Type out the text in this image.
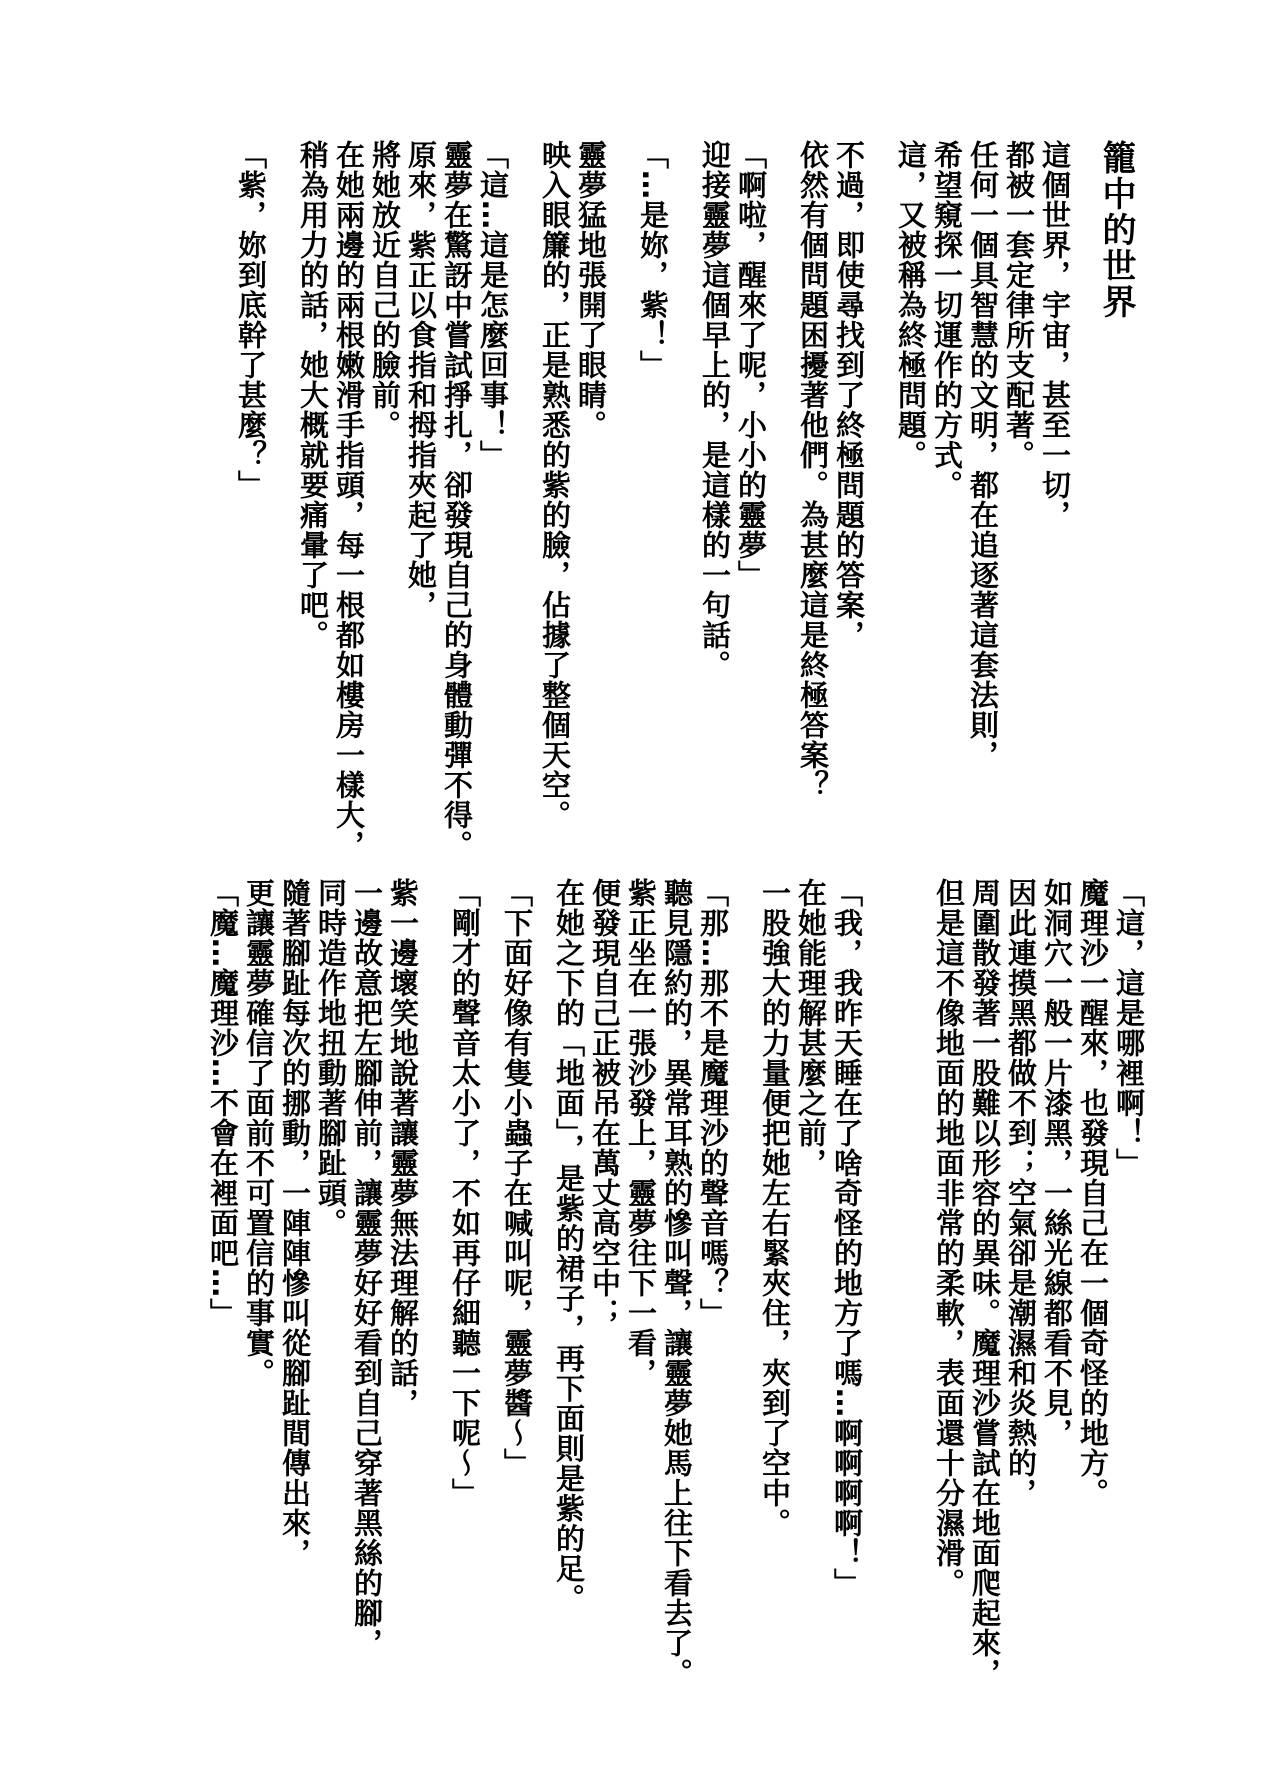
籠中的世界
這個世界，宇宙，甚至一切，
都被一套定律所支配著。
任何一個具智慧的文明，都在追逐著這套法則，
希望窺探一切運作的方式。
這，又被稱為終極問題。
不過，即使尋找到了終極問題的答案，
依然有個問題困擾著他們。為甚麼這是終極答案？
「啊啦，醒來了呢，小小的靈夢」
迎接靈夢這個早上的，是這樣的一句話。
「…是妳，紫！」
靈夢猛地張開了眼睛。
映入眼簾的，正是熟悉的紫的臉，佔據了整個天空。
「這…這是怎麼回事！」
靈夢在驚訝中嘗試掙扎，卻發現自己的身體動彈不得。
原來，紫正以食指和拇指夾起了她，
將她放近自己的臉前。
在她兩邊的兩根嫩滑手指頭，每一根都如樓房一樣大，
稍為用力的話，她大概就要痛暈了吧。
「紫，妳到底幹了甚麼？」
「這，這是哪裡啊！」
魔理沙一醒來，也發現自己在一個奇怪的地方。
如洞穴一般一片漆黑，一絲光線都看不見，
因此連摸黑都做不到；空氣卻是潮濕和炎熱的，
周圍散發著一股難以形容的異味。魔理沙嘗試在地面爬起來，
但是這不像地面的地面非常的柔軟，表面還十分濕滑。
「我，我昨天睡在了啥奇怪的地方了嗎…啊啊啊啊！」
在她能理解甚麼之前，
一股強大的力量便把她左右緊夾住，夾到了空中。
「那…那不是魔理沙的聲音嗎？」
聽見隱約的，異常耳熟的慘叫聲，讓靈夢她馬上往下看去了。
紫正坐在一張沙發上，靈夢往下一看，
便發現自己正被吊在萬丈高空中；
在她之下的「地面」，是紫的裙子，再下面則是紫的足。
「下面好像有隻小蟲子在喊叫呢，靈夢醬～」
「剛才的聲音太小了，不如再仔細聽一下呢～」
紫一邊壞笑地說著讓靈夢無法理解的話，
一邊故意把左腳伸前，讓靈夢好好看到自己穿著黑絲的腳，
同時造作地扭動著腳趾頭。
隨著腳趾每次的挪動，一陣陣慘叫從腳趾間傳出來，
更讓靈夢確信了面前不可置信的事實。
「魔…魔理沙…不會在裡面吧…」
